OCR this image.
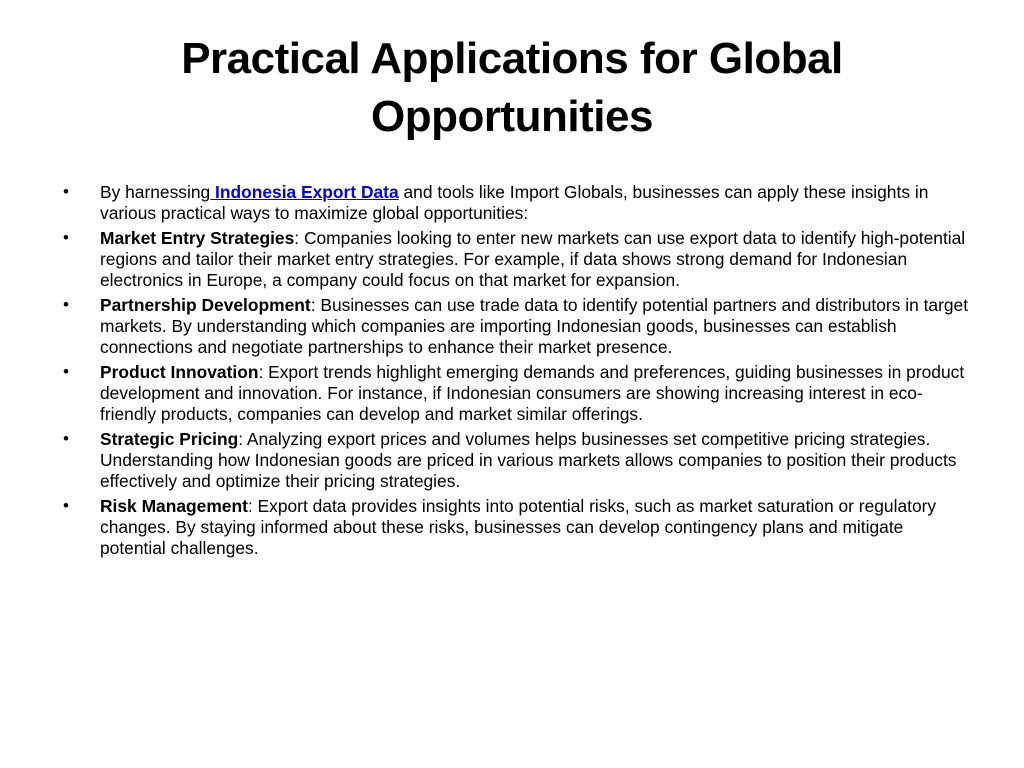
Practical Applications for Global Opportunities
• By harnessing Indonesia Export Data and tools like Import Globals, businesses can apply these insights in various practical ways to maximize global opportunities:
• Market Entry Strategies: Companies looking to enter new markets can use export data to identify high-potential regions and tailor their market entry strategies. For example, if data shows strong demand for Indonesian electronics in Europe, a company could focus on that market for expansion.
• Partnership Development: Businesses can use trade data to identify potential partners and distributors in target markets. By understanding which companies are importing Indonesian goods, businesses can establish connections and negotiate partnerships to enhance their market presence.
• Product Innovation: Export trends highlight emerging demands and preferences, guiding businesses in product development and innovation. For instance, if Indonesian consumers are showing increasing interest in eco-friendly products, companies can develop and market similar offerings.
• Strategic Pricing: Analyzing export prices and volumes helps businesses set competitive pricing strategies. Understanding how Indonesian goods are priced in various markets allows companies to position their products effectively and optimize their pricing strategies.
• Risk Management: Export data provides insights into potential risks, such as market saturation or regulatory changes. By staying informed about these risks, businesses can develop contingency plans and mitigate potential challenges.
